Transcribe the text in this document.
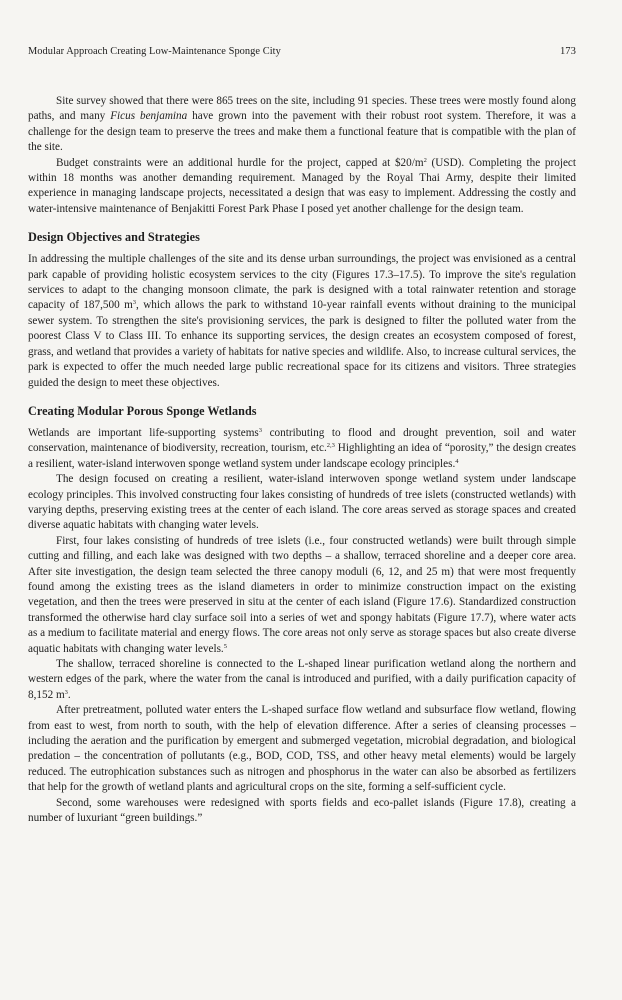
Modular Approach Creating Low-Maintenance Sponge City	173

Site survey showed that there were 865 trees on the site, including 91 species. These trees were mostly found along paths, and many Ficus benjamina have grown into the pavement with their robust root system. Therefore, it was a challenge for the design team to preserve the trees and make them a functional feature that is compatible with the plan of the site.

Budget constraints were an additional hurdle for the project, capped at $\$20/m^2$ (USD). Completing the project within 18 months was another demanding requirement. Managed by the Royal Thai Army, despite their limited experience in managing landscape projects, necessitated a design that was easy to implement. Addressing the costly and water-intensive maintenance of Benjakitti Forest Park Phase I posed yet another challenge for the design team.

Design Objectives and Strategies

In addressing the multiple challenges of the site and its dense urban surroundings, the project was envisioned as a central park capable of providing holistic ecosystem services to the city (Figures 17.3–17.5). To improve the site's regulation services to adapt to the changing monsoon climate, the park is designed with a total rainwater retention and storage capacity of 187,500 $m^3$, which allows the park to withstand 10-year rainfall events without draining to the municipal sewer system. To strengthen the site's provisioning services, the park is designed to filter the polluted water from the poorest Class V to Class III. To enhance its supporting services, the design creates an ecosystem composed of forest, grass, and wetland that provides a variety of habitats for native species and wildlife. Also, to increase cultural services, the park is expected to offer the much needed large public recreational space for its citizens and visitors. Three strategies guided the design to meet these objectives.

Creating Modular Porous Sponge Wetlands

Wetlands are important life-supporting systems$^3$ contributing to flood and drought prevention, soil and water conservation, maintenance of biodiversity, recreation, tourism, etc.$^{2,3}$ Highlighting an idea of “porosity,” the design creates a resilient, water-island interwoven sponge wetland system under landscape ecology principles.$^4$

The design focused on creating a resilient, water-island interwoven sponge wetland system under landscape ecology principles. This involved constructing four lakes consisting of hundreds of tree islets (constructed wetlands) with varying depths, preserving existing trees at the center of each island. The core areas served as storage spaces and created diverse aquatic habitats with changing water levels.

First, four lakes consisting of hundreds of tree islets (i.e., four constructed wetlands) were built through simple cutting and filling, and each lake was designed with two depths – a shallow, terraced shoreline and a deeper core area. After site investigation, the design team selected the three canopy moduli (6, 12, and 25 m) that were most frequently found among the existing trees as the island diameters in order to minimize construction impact on the existing vegetation, and then the trees were preserved in situ at the center of each island (Figure 17.6). Standardized construction transformed the otherwise hard clay surface soil into a series of wet and spongy habitats (Figure 17.7), where water acts as a medium to facilitate material and energy flows. The core areas not only serve as storage spaces but also create diverse aquatic habitats with changing water levels.$^5$

The shallow, terraced shoreline is connected to the L-shaped linear purification wetland along the northern and western edges of the park, where the water from the canal is introduced and purified, with a daily purification capacity of 8,152 $m^3$.

After pretreatment, polluted water enters the L-shaped surface flow wetland and subsurface flow wetland, flowing from east to west, from north to south, with the help of elevation difference. After a series of cleansing processes – including the aeration and the purification by emergent and submerged vegetation, microbial degradation, and biological predation – the concentration of pollutants (e.g., BOD, COD, TSS, and other heavy metal elements) would be largely reduced. The eutrophication substances such as nitrogen and phosphorus in the water can also be absorbed as fertilizers that help for the growth of wetland plants and agricultural crops on the site, forming a self-sufficient cycle.

Second, some warehouses were redesigned with sports fields and eco-pallet islands (Figure 17.8), creating a number of luxuriant “green buildings.”
